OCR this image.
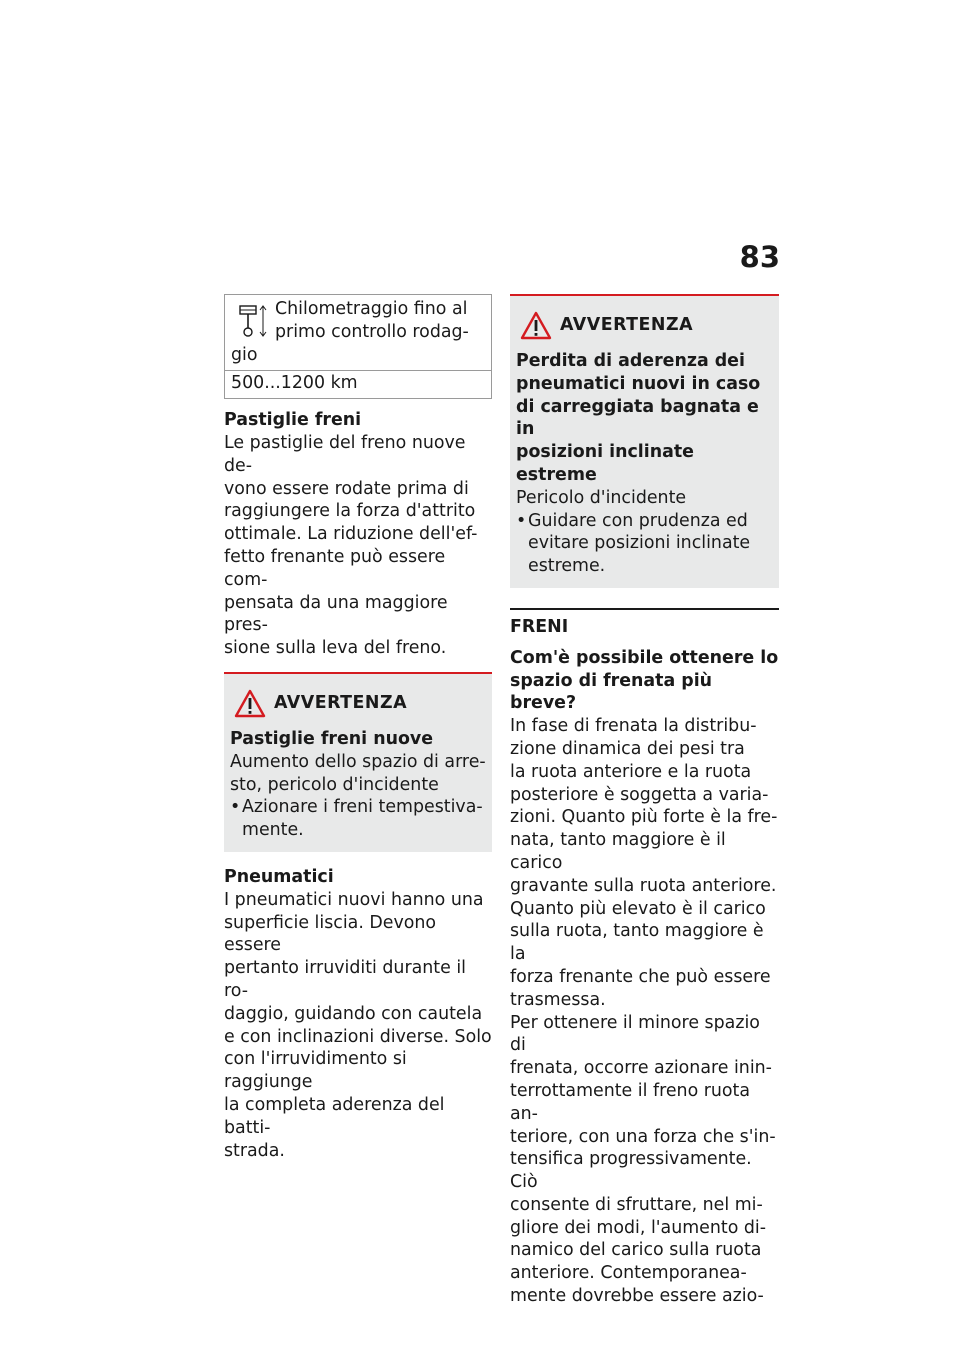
83
Chilometraggio fino al
primo controllo rodag-
gio
500...1200 km
Pastiglie freni
Le pastiglie del freno nuove de-
vono essere rodate prima di
raggiungere la forza d'attrito
ottimale. La riduzione dell'ef-
fetto frenante può essere com-
pensata da una maggiore pres-
sione sulla leva del freno.
AVVERTENZA
Pastiglie freni nuove
Aumento dello spazio di arre-
sto, pericolo d'incidente
• Azionare i freni tempestiva-
mente.
Pneumatici
I pneumatici nuovi hanno una
superficie liscia. Devono essere
pertanto irruviditi durante il ro-
daggio, guidando con cautela
e con inclinazioni diverse. Solo
con l'irruvidimento si raggiunge
la completa aderenza del batti-
strada.
AVVERTENZA
Perdita di aderenza dei
pneumatici nuovi in caso
di carreggiata bagnata e in
posizioni inclinate estreme
Pericolo d'incidente
• Guidare con prudenza ed
evitare posizioni inclinate
estreme.
FRENI
Com'è possibile ottenere lo
spazio di frenata più breve?
In fase di frenata la distribu-
zione dinamica dei pesi tra
la ruota anteriore e la ruota
posteriore è soggetta a varia-
zioni. Quanto più forte è la fre-
nata, tanto maggiore è il carico
gravante sulla ruota anteriore.
Quanto più elevato è il carico
sulla ruota, tanto maggiore è la
forza frenante che può essere
trasmessa.
Per ottenere il minore spazio di
frenata, occorre azionare inin-
terrottamente il freno ruota an-
teriore, con una forza che s'in-
tensifica progressivamente. Ciò
consente di sfruttare, nel mi-
gliore dei modi, l'aumento di-
namico del carico sulla ruota
anteriore. Contemporanea-
mente dovrebbe essere azio-
